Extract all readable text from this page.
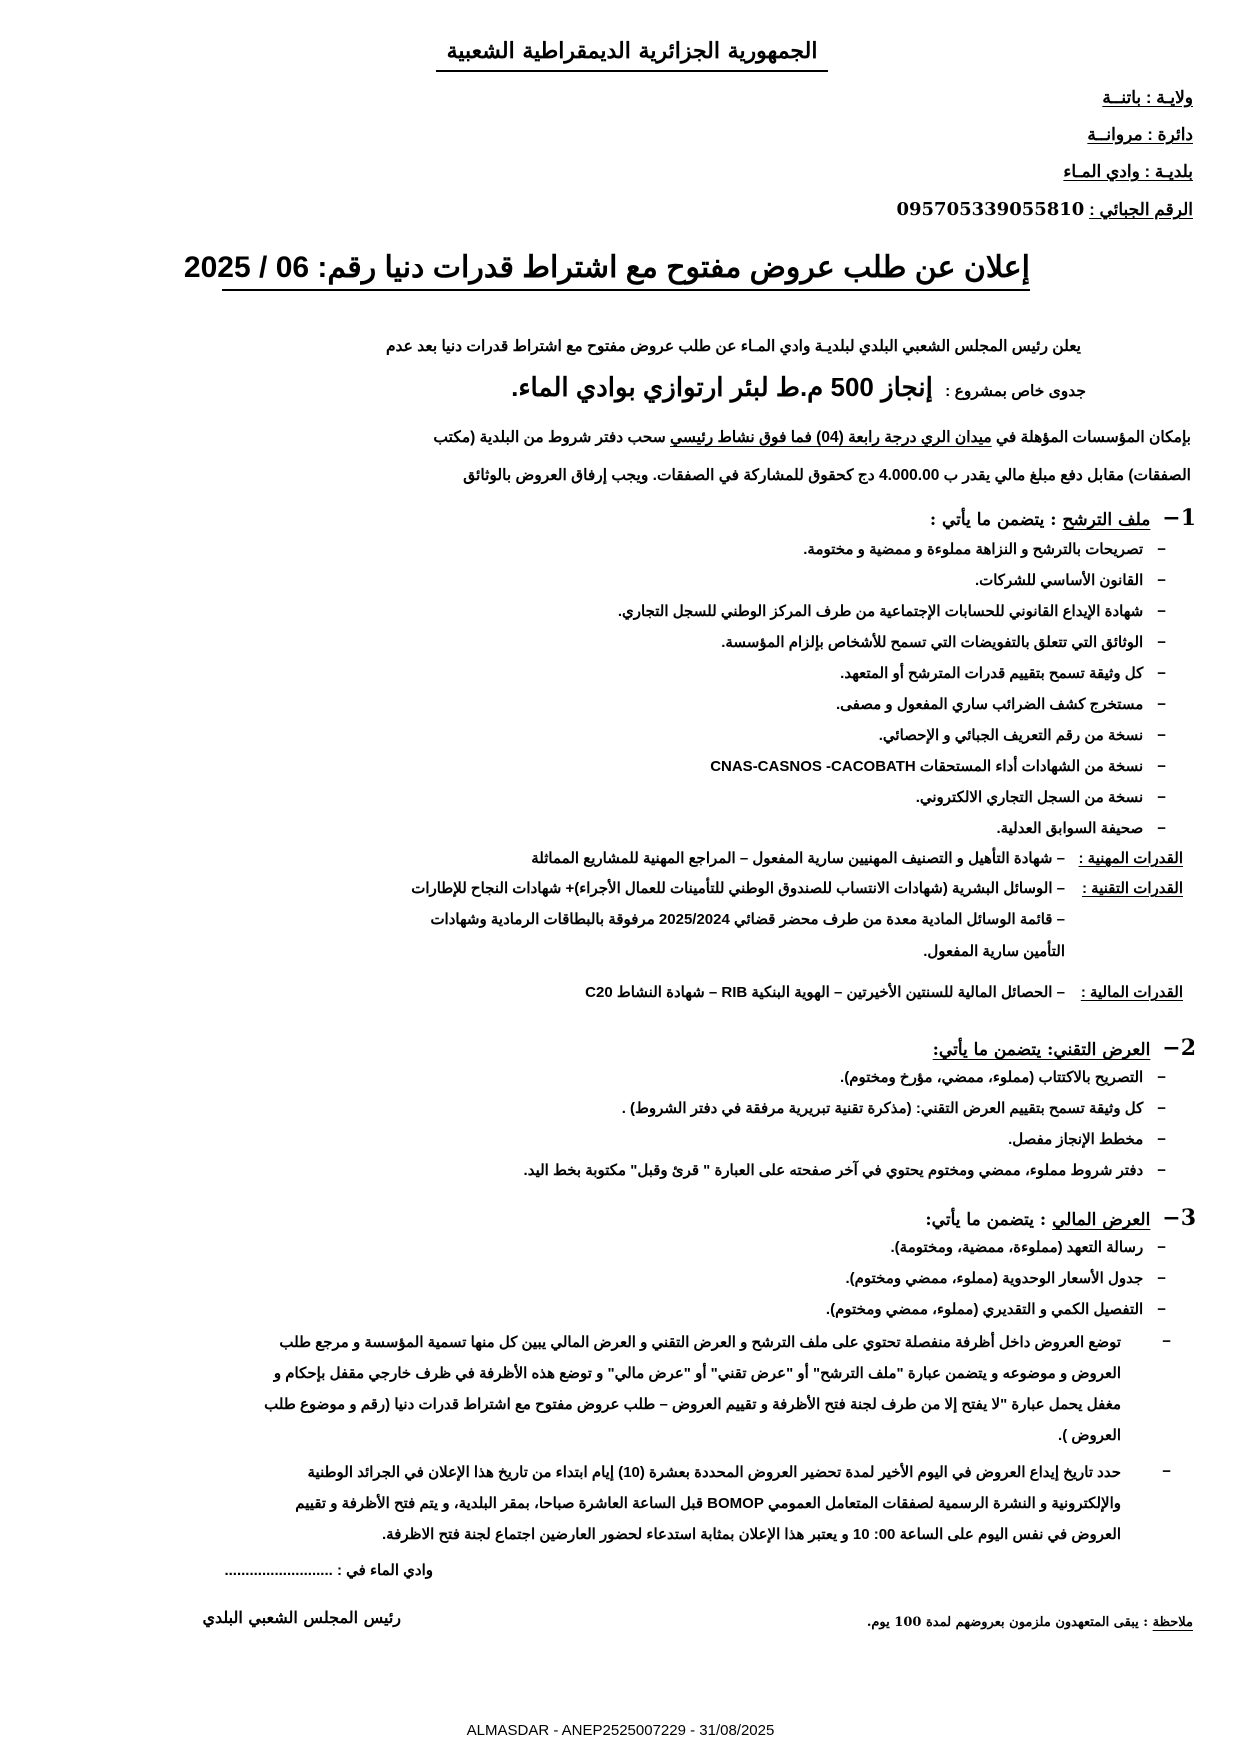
الجمهورية الجزائرية الديمقراطية الشعبية
ولايـة : باتنــة
دائرة : مروانــة
بلديـة : وادي المـاء
الرقم الجبائي : 095705339055810
إعلان عن طلب عروض مفتوح مع اشتراط قدرات دنيا رقم: 06 / 2025
يعلن رئيس المجلس الشعبي البلدي لبلديـة وادي المـاء عن طلب عروض مفتوح مع اشتراط قدرات دنيا بعد عدم
جدوى خاص بمشروع : إنجاز 500 م.ط لبئر ارتوازي بوادي الماء.
بإمكان المؤسسات المؤهلة في ميدان الري درجة رابعة (04) فما فوق نشاط رئيسي سحب دفتر شروط من البلدية (مكتب
الصفقات) مقابل دفع مبلغ مالي يقدر ب 4.000.00 دج كحقوق للمشاركة في الصفقات. ويجب إرفاق العروض بالوثائق
1− ملف الترشح : يتضمن ما يأتي :
−تصريحات بالترشح و النزاهة مملوءة و ممضية و مختومة.
−القانون الأساسي للشركات.
−شهادة الإيداع القانوني للحسابات الإجتماعية من طرف المركز الوطني للسجل التجاري.
−الوثائق التي تتعلق بالتفويضات التي تسمح للأشخاص بإلزام المؤسسة.
−كل وثيقة تسمح بتقييم قدرات المترشح أو المتعهد.
−مستخرج كشف الضرائب ساري المفعول و مصفى.
−نسخة من رقم التعريف الجبائي و الإحصائي.
−نسخة من الشهادات أداء المستحقات CNAS-CASNOS -CACOBATH
−نسخة من السجل التجاري الالكتروني.
−صحيفة السوابق العدلية.
القدرات المهنية :– شهادة التأهيل و التصنيف المهنيين سارية المفعول – المراجع المهنية للمشاريع المماثلة
القدرات التقنية :– الوسائل البشرية (شهادات الانتساب للصندوق الوطني للتأمينات للعمال الأجراء)+ شهادات النجاح للإطارات
– قائمة الوسائل المادية معدة من طرف محضر قضائي 2025/2024 مرفوقة بالبطاقات الرمادية وشهادات
التأمين سارية المفعول.
القدرات المالية :– الحصائل المالية للسنتين الأخيرتين – الهوية البنكية RIB – شهادة النشاط C20
2− العرض التقني: يتضمن ما يأتي:
−التصريح بالاكتتاب (مملوء، ممضي، مؤرخ ومختوم).
−كل وثيقة تسمح بتقييم العرض التقني: (مذكرة تقنية تبريرية مرفقة في دفتر الشروط) .
−مخطط الإنجاز مفصل.
−دفتر شروط مملوء، ممضي ومختوم يحتوي في آخر صفحته على العبارة " قرئ وقبل" مكتوبة بخط اليد.
3− العرض المالي : يتضمن ما يأتي:
−رسالة التعهد (مملوءة، ممضية، ومختومة).
−جدول الأسعار الوحدوية (مملوء، ممضي ومختوم).
−التفصيل الكمي و التقديري (مملوء، ممضي ومختوم).
−
توضع العروض داخل أظرفة منفصلة تحتوي على ملف الترشح و العرض التقني و العرض المالي يبين كل منها تسمية المؤسسة و مرجع طلب
العروض و موضوعه و يتضمن عبارة "ملف الترشح" أو "عرض تقني" أو "عرض مالي" و توضع هذه الأظرفة في ظرف خارجي مقفل بإحكام و
مغفل يحمل عبارة "لا يفتح إلا من طرف لجنة فتح الأظرفة و تقييم العروض – طلب عروض مفتوح مع اشتراط قدرات دنيا (رقم و موضوع طلب
العروض ).
−
حدد تاريخ إيداع العروض في اليوم الأخير لمدة تحضير العروض المحددة بعشرة (10) إيام ابتداء من تاريخ هذا الإعلان في الجرائد الوطنية
والإلكترونية و النشرة الرسمية لصفقات المتعامل العمومي BOMOP قبل الساعة العاشرة صباحا، بمقر البلدية، و يتم فتح الأظرفة و تقييم
العروض في نفس اليوم على الساعة 00: 10 و يعتبر هذا الإعلان بمثابة استدعاء لحضور العارضين اجتماع لجنة فتح الاظرفة.
وادي الماء في : ..........................
ملاحظة : يبقى المتعهدون ملزمون بعروضهم لمدة 100 يوم.
رئيس المجلس الشعبي البلدي
ALMASDAR - ANEP2525007229 - 31/08/2025
